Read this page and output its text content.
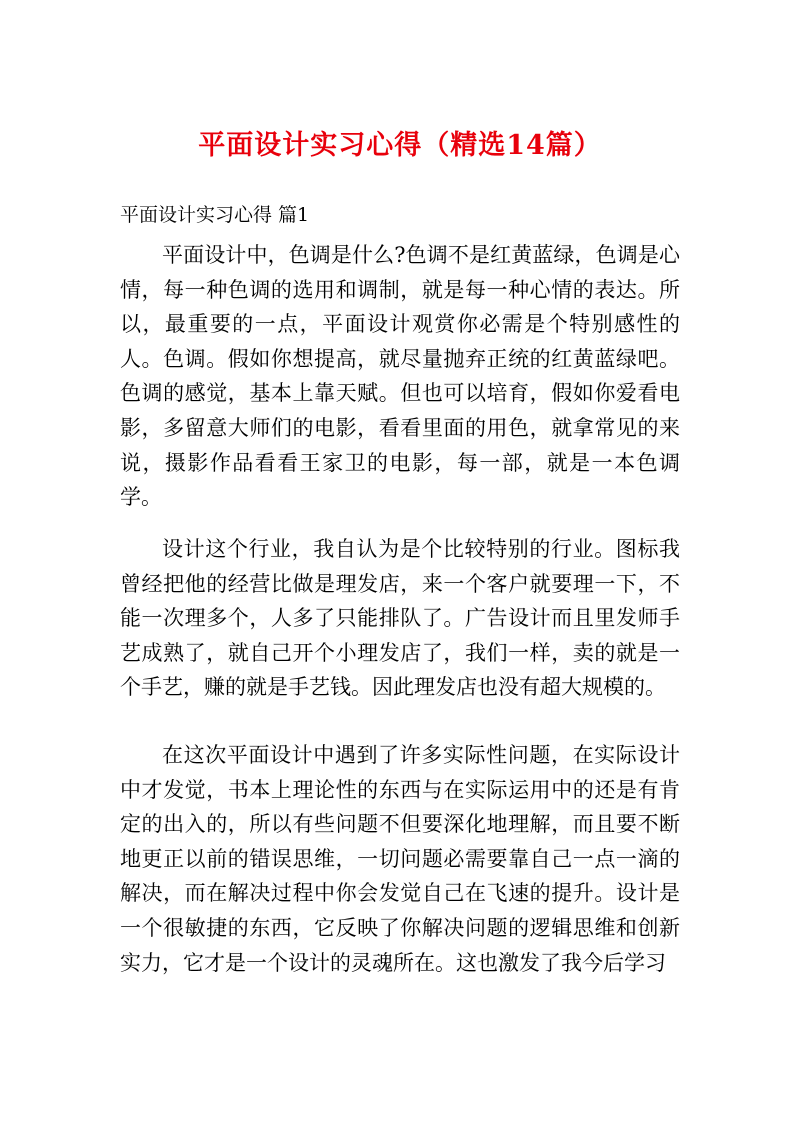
平面设计实习心得（精选14篇）
平面设计实习心得 篇1

平面设计中，色调是什么?色调不是红黄蓝绿，色调是心情，每一种色调的选用和调制，就是每一种心情的表达。所以，最重要的一点，平面设计观赏你必需是个特别感性的人。色调。假如你想提高，就尽量抛弃正统的红黄蓝绿吧。色调的感觉，基本上靠天赋。但也可以培育，假如你爱看电影，多留意大师们的电影，看看里面的用色，就拿常见的来说，摄影作品看看王家卫的电影，每一部，就是一本色调学。

设计这个行业，我自认为是个比较特别的行业。图标我曾经把他的经营比做是理发店，来一个客户就要理一下，不能一次理多个，人多了只能排队了。广告设计而且里发师手艺成熟了，就自己开个小理发店了，我们一样，卖的就是一个手艺，赚的就是手艺钱。因此理发店也没有超大规模的。

在这次平面设计中遇到了许多实际性问题，在实际设计中才发觉，书本上理论性的东西与在实际运用中的还是有肯定的出入的，所以有些问题不但要深化地理解，而且要不断地更正以前的错误思维，一切问题必需要靠自己一点一滴的解决，而在解决过程中你会发觉自己在飞速的提升。设计是一个很敏捷的东西，它反映了你解决问题的逻辑思维和创新实力，它才是一个设计的灵魂所在。这也激发了我今后学习
